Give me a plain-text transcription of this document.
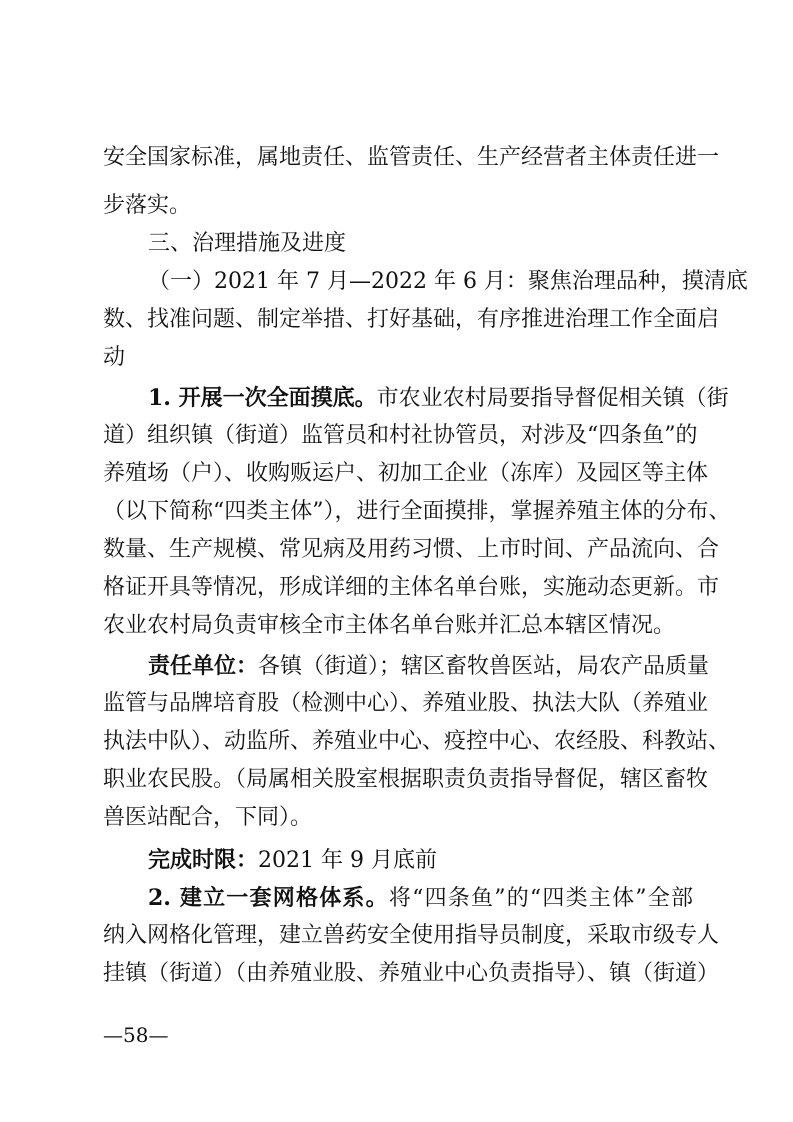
安全国家标准，属地责任、监管责任、生产经营者主体责任进一
步落实。
三、治理措施及进度
（一）2021 年 7 月—2022 年 6 月：聚焦治理品种，摸清底
数、找准问题、制定举措、打好基础，有序推进治理工作全面启
动
1. 开展一次全面摸底。市农业农村局要指导督促相关镇（街
道）组织镇（街道）监管员和村社协管员，对涉及“四条鱼”的
养殖场（户）、收购贩运户、初加工企业（冻库）及园区等主体
（以下简称“四类主体”），进行全面摸排，掌握养殖主体的分布、
数量、生产规模、常见病及用药习惯、上市时间、产品流向、合
格证开具等情况，形成详细的主体名单台账，实施动态更新。市
农业农村局负责审核全市主体名单台账并汇总本辖区情况。
责任单位：各镇（街道）；辖区畜牧兽医站，局农产品质量
监管与品牌培育股（检测中心）、养殖业股、执法大队（养殖业
执法中队）、动监所、养殖业中心、疫控中心、农经股、科教站、
职业农民股。（局属相关股室根据职责负责指导督促，辖区畜牧
兽医站配合，下同）。
完成时限：2021 年 9 月底前
2. 建立一套网格体系。将“四条鱼”的“四类主体”全部
纳入网格化管理，建立兽药安全使用指导员制度，采取市级专人
挂镇（街道）（由养殖业股、养殖业中心负责指导）、镇（街道）
—58—
